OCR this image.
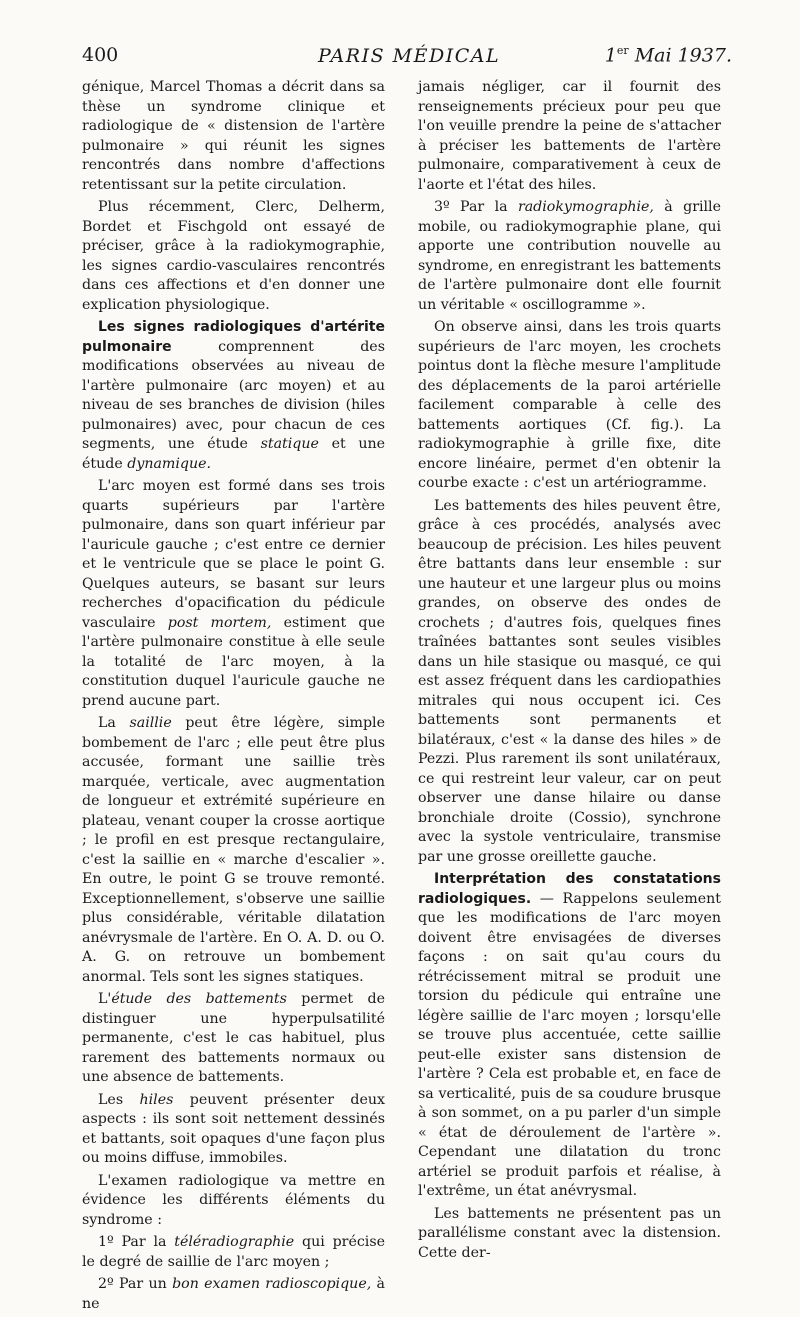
400	PARIS MÉDICAL	1er Mai 1937.

génique, Marcel Thomas a décrit dans sa thèse un syndrome clinique et radiologique de « distension de l'artère pulmonaire » qui réunit les signes rencontrés dans nombre d'affections retentissant sur la petite circulation.

Plus récemment, Clerc, Delherm, Bordet et Fischgold ont essayé de préciser, grâce à la radiokymographie, les signes cardio-vasculaires rencontrés dans ces affections et d'en donner une explication physiologique.

Les signes radiologiques d'artérite pulmonaire comprennent des modifications observées au niveau de l'artère pulmonaire (arc moyen) et au niveau de ses branches de division (hiles pulmonaires) avec, pour chacun de ces segments, une étude statique et une étude dynamique.

L'arc moyen est formé dans ses trois quarts supérieurs par l'artère pulmonaire, dans son quart inférieur par l'auricule gauche ; c'est entre ce dernier et le ventricule que se place le point G. Quelques auteurs, se basant sur leurs recherches d'opacification du pédicule vasculaire post mortem, estiment que l'artère pulmonaire constitue à elle seule la totalité de l'arc moyen, à la constitution duquel l'auricule gauche ne prend aucune part.

La saillie peut être légère, simple bombement de l'arc ; elle peut être plus accusée, formant une saillie très marquée, verticale, avec augmentation de longueur et extrémité supérieure en plateau, venant couper la crosse aortique ; le profil en est presque rectangulaire, c'est la saillie en « marche d'escalier ». En outre, le point G se trouve remonté. Exceptionnellement, s'observe une saillie plus considérable, véritable dilatation anévrysmale de l'artère. En O. A. D. ou O. A. G. on retrouve un bombement anormal. Tels sont les signes statiques.

L'étude des battements permet de distinguer une hyperpulsatilité permanente, c'est le cas habituel, plus rarement des battements normaux ou une absence de battements.

Les hiles peuvent présenter deux aspects : ils sont soit nettement dessinés et battants, soit opaques d'une façon plus ou moins diffuse, immobiles.

L'examen radiologique va mettre en évidence les différents éléments du syndrome :

1º Par la téléradiographie qui précise le degré de saillie de l'arc moyen ;

2º Par un bon examen radioscopique, à ne

jamais négliger, car il fournit des renseignements précieux pour peu que l'on veuille prendre la peine de s'attacher à préciser les battements de l'artère pulmonaire, comparativement à ceux de l'aorte et l'état des hiles.

3º Par la radiokymographie, à grille mobile, ou radiokymographie plane, qui apporte une contribution nouvelle au syndrome, en enregistrant les battements de l'artère pulmonaire dont elle fournit un véritable « oscillogramme ».

On observe ainsi, dans les trois quarts supérieurs de l'arc moyen, les crochets pointus dont la flèche mesure l'amplitude des déplacements de la paroi artérielle facilement comparable à celle des battements aortiques (Cf. fig.). La radiokymographie à grille fixe, dite encore linéaire, permet d'en obtenir la courbe exacte : c'est un artériogramme.

Les battements des hiles peuvent être, grâce à ces procédés, analysés avec beaucoup de précision. Les hiles peuvent être battants dans leur ensemble : sur une hauteur et une largeur plus ou moins grandes, on observe des ondes de crochets ; d'autres fois, quelques fines traînées battantes sont seules visibles dans un hile stasique ou masqué, ce qui est assez fréquent dans les cardiopathies mitrales qui nous occupent ici. Ces battements sont permanents et bilatéraux, c'est « la danse des hiles » de Pezzi. Plus rarement ils sont unilatéraux, ce qui restreint leur valeur, car on peut observer une danse hilaire ou danse bronchiale droite (Cossio), synchrone avec la systole ventriculaire, transmise par une grosse oreillette gauche.

Interprétation des constatations radiologiques. — Rappelons seulement que les modifications de l'arc moyen doivent être envisagées de diverses façons : on sait qu'au cours du rétrécissement mitral se produit une torsion du pédicule qui entraîne une légère saillie de l'arc moyen ; lorsqu'elle se trouve plus accentuée, cette saillie peut-elle exister sans distension de l'artère ? Cela est probable et, en face de sa verticalité, puis de sa coudure brusque à son sommet, on a pu parler d'un simple « état de déroulement de l'artère ». Cependant une dilatation du tronc artériel se produit parfois et réalise, à l'extrême, un état anévrysmal.

Les battements ne présentent pas un parallélisme constant avec la distension. Cette der-
